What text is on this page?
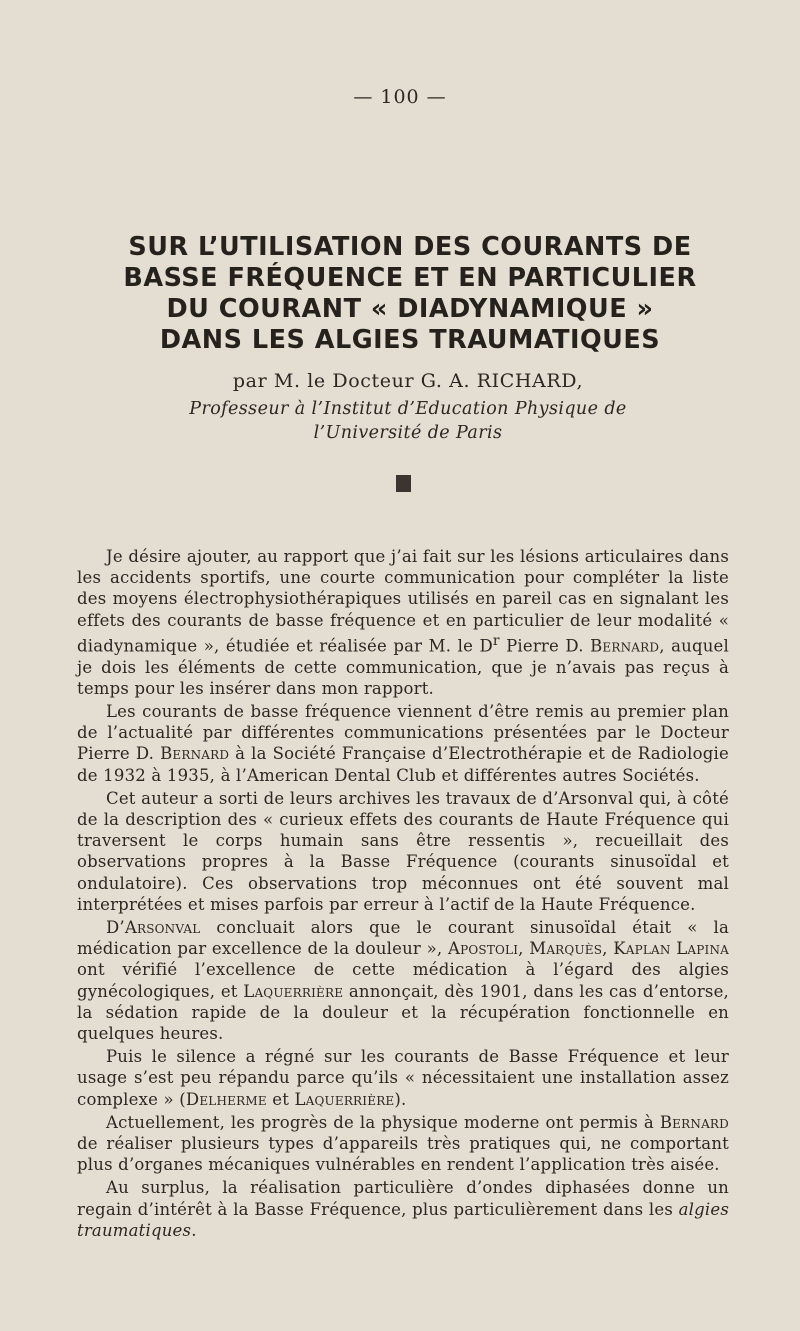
— 100 —
SUR L’UTILISATION DES COURANTS DE
BASSE FRÉQUENCE ET EN PARTICULIER
DU COURANT « DIADYNAMIQUE »
DANS LES ALGIES TRAUMATIQUES
par M. le Docteur G. A. RICHARD,
Professeur à l’Institut d’Education Physique de
l’Université de Paris

Je désire ajouter, au rapport que j’ai fait sur les lésions articulaires dans les accidents sportifs, une courte communication pour compléter la liste des moyens électrophysiothérapiques utilisés en pareil cas en signalant les effets des courants de basse fréquence et en particulier de leur modalité « diadynamique », étudiée et réalisée par M. le $D^r$ Pierre D. Bernard, auquel je dois les éléments de cette communication, que je n’avais pas reçus à temps pour les insérer dans mon rapport.

Les courants de basse fréquence viennent d’être remis au premier plan de l’actualité par différentes communications présentées par le Docteur Pierre D. Bernard à la Société Française d’Electrothérapie et de Radiologie de 1932 à 1935, à l’American Dental Club et différentes autres Sociétés.

Cet auteur a sorti de leurs archives les travaux de d’Arsonval qui, à côté de la description des « curieux effets des courants de Haute Fréquence qui traversent le corps humain sans être ressentis », recueillait des observations propres à la Basse Fréquence (courants sinusoïdal et ondulatoire). Ces observations trop méconnues ont été souvent mal interprétées et mises parfois par erreur à l’actif de la Haute Fréquence.

D’Arsonval concluait alors que le courant sinusoïdal était « la médication par excellence de la douleur », Apostoli, Marquès, Kaplan Lapina ont vérifié l’excellence de cette médication à l’égard des algies gynécologiques, et Laquerrière annonçait, dès 1901, dans les cas d’entorse, la sédation rapide de la douleur et la récupération fonctionnelle en quelques heures.

Puis le silence a régné sur les courants de Basse Fréquence et leur usage s’est peu répandu parce qu’ils « nécessitaient une installation assez complexe » (Delherme et Laquerrière).

Actuellement, les progrès de la physique moderne ont permis à Bernard de réaliser plusieurs types d’appareils très pratiques qui, ne comportant plus d’organes mécaniques vulnérables en rendent l’application très aisée.

Au surplus, la réalisation particulière d’ondes diphasées donne un regain d’intérêt à la Basse Fréquence, plus particulièrement dans les algies traumatiques.
